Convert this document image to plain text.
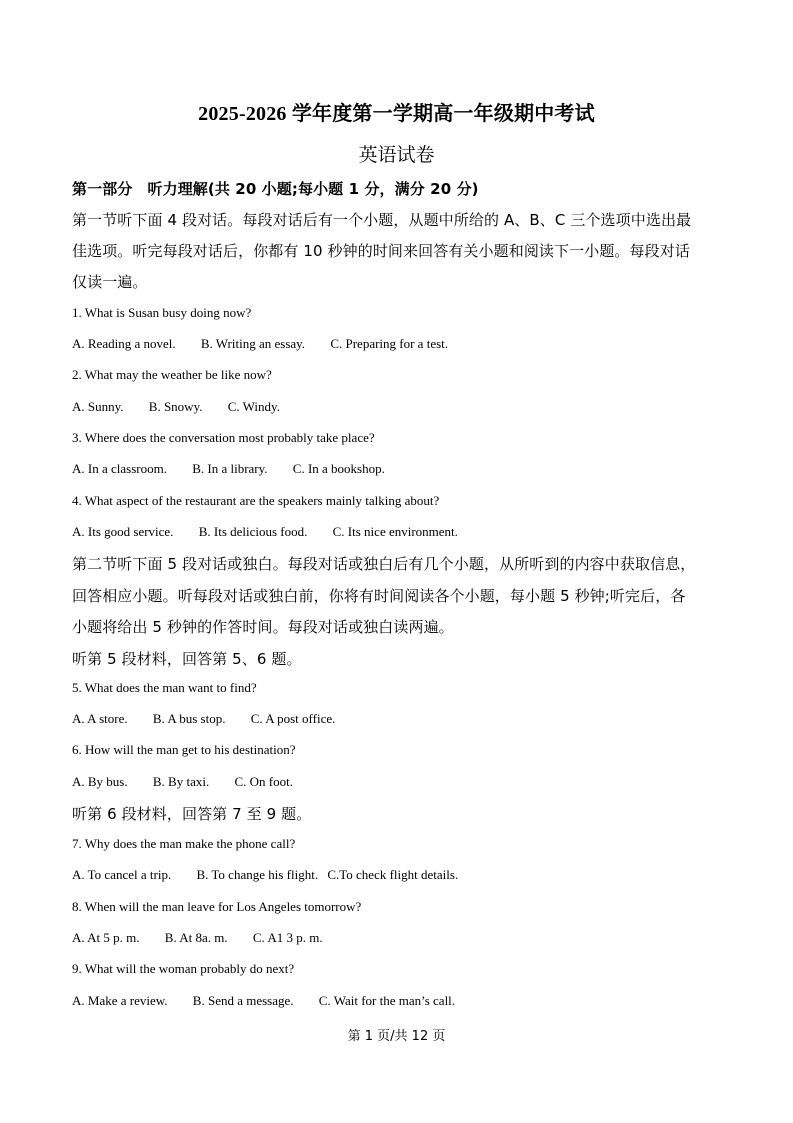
2025-2026 学年度第一学期高一年级期中考试
英语试卷
第一部分　听力理解(共 20 小题;每小题 1 分，满分 20 分)
第一节听下面 4 段对话。每段对话后有一个小题，从题中所给的 A、B、C 三个选项中选出最
佳选项。听完每段对话后，你都有 10 秒钟的时间来回答有关小题和阅读下一小题。每段对话
仅读一遍。
1. What is Susan busy doing now?
A. Reading a novel. B. Writing an essay. C. Preparing for a test.
2. What may the weather be like now?
A. Sunny. B. Snowy. C. Windy.
3. Where does the conversation most probably take place?
A. In a classroom. B. In a library. C. In a bookshop.
4. What aspect of the restaurant are the speakers mainly talking about?
A. Its good service. B. Its delicious food. C. Its nice environment.
第二节听下面 5 段对话或独白。每段对话或独白后有几个小题，从所听到的内容中获取信息，
回答相应小题。听每段对话或独白前，你将有时间阅读各个小题，每小题 5 秒钟;听完后，各
小题将给出 5 秒钟的作答时间。每段对话或独白读两遍。
听第 5 段材料，回答第 5、6 题。
5. What does the man want to find?
A. A store. B. A bus stop. C. A post office.
6. How will the man get to his destination?
A. By bus. B. By taxi. C. On foot.
听第 6 段材料，回答第 7 至 9 题。
7. Why does the man make the phone call?
A. To cancel a trip. B. To change his flight. C.To check flight details.
8. When will the man leave for Los Angeles tomorrow?
A. At 5 p. m. B. At 8a. m. C. A1 3 p. m.
9. What will the woman probably do next?
A. Make a review. B. Send a message. C. Wait for the man’s call.
第 1 页/共 12 页
